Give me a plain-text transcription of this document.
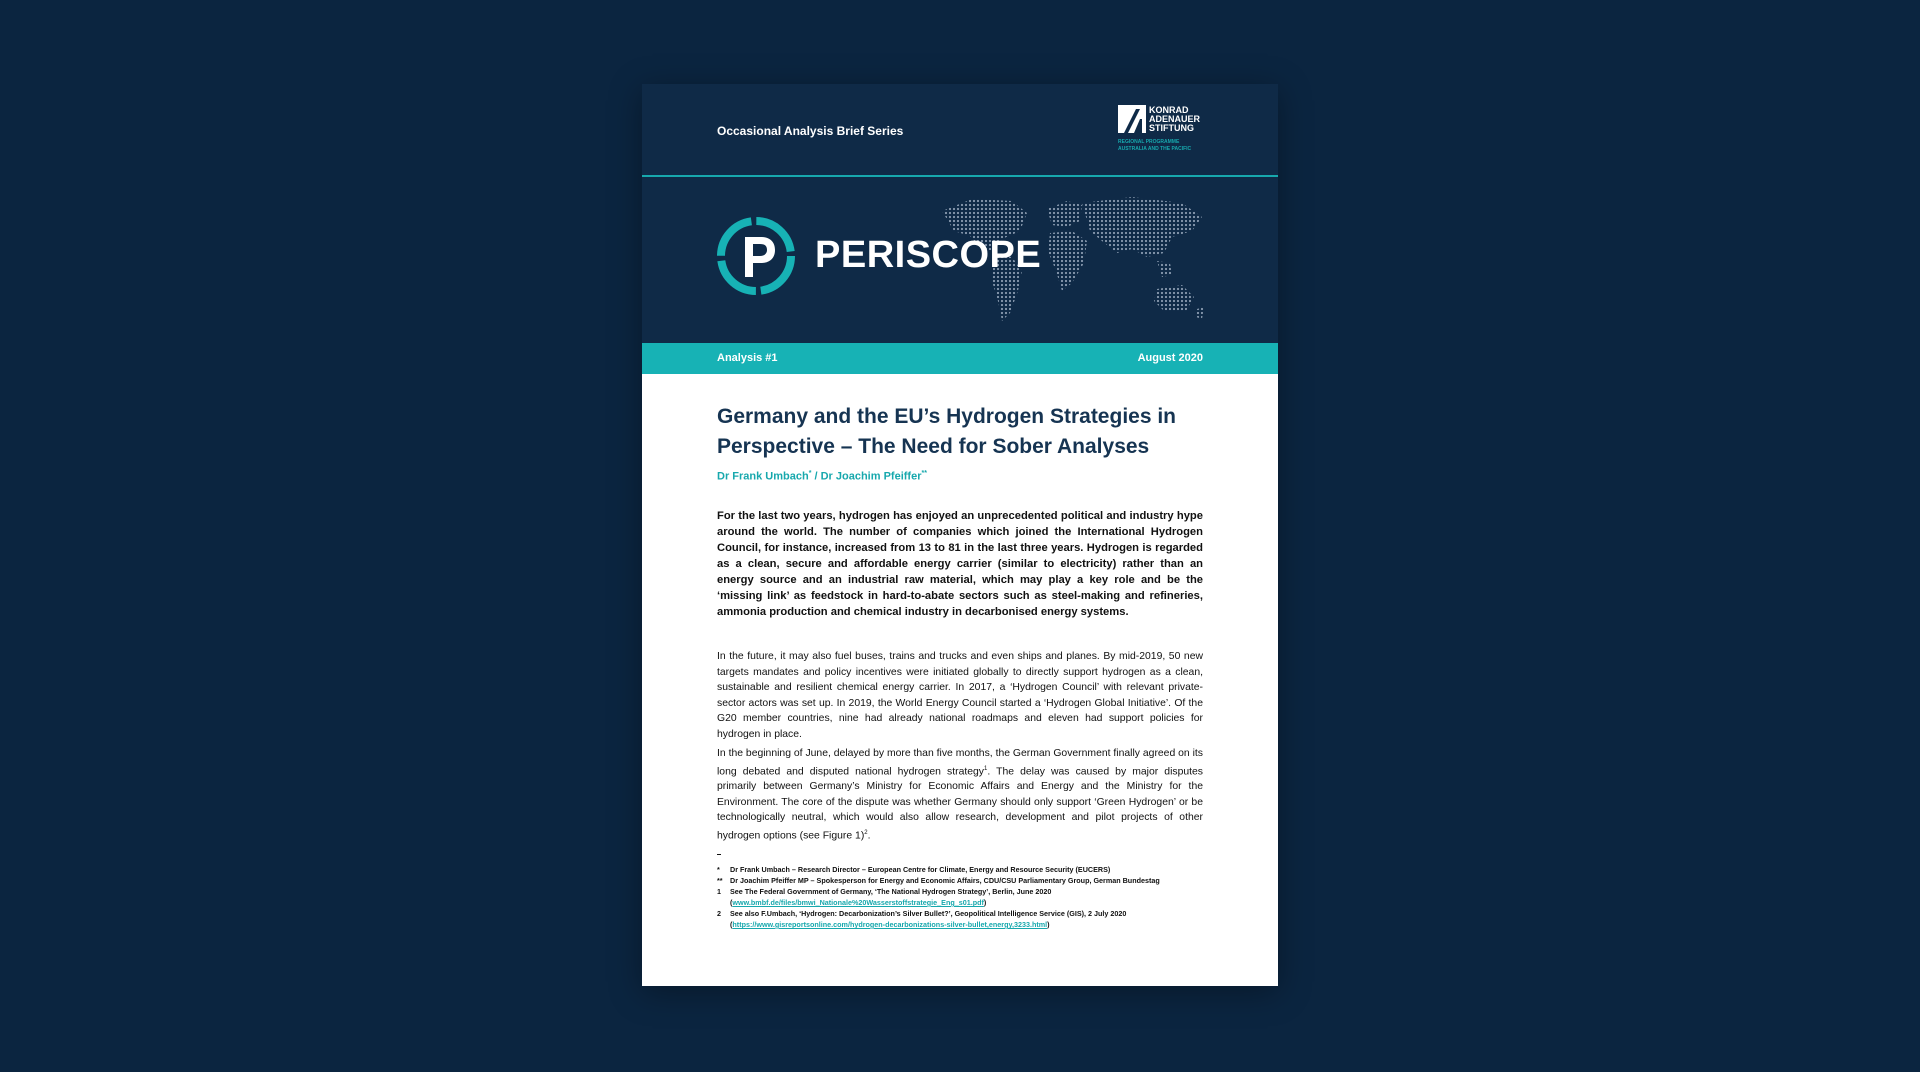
Occasional Analysis Brief Series
KONRAD
ADENAUER
STIFTUNG
REGIONAL PROGRAMME
AUSTRALIA AND THE PACIFIC
PERISCOPE
Analysis #1	August 2020
Germany and the EU’s Hydrogen Strategies in Perspective – The Need for Sober Analyses
Dr Frank Umbach* / Dr Joachim Pfeiffer**
For the last two years, hydrogen has enjoyed an unprecedented political and industry hype around the world. The number of companies which joined the International Hydrogen Council, for instance, increased from 13 to 81 in the last three years. Hydrogen is regarded as a clean, secure and affordable energy carrier (similar to electricity) rather than an energy source and an industrial raw material, which may play a key role and be the ‘missing link’ as feedstock in hard-to-abate sectors such as steel-making and refineries, ammonia production and chemical industry in decarbonised energy systems.
In the future, it may also fuel buses, trains and trucks and even ships and planes. By mid-2019, 50 new targets mandates and policy incentives were initiated globally to directly support hydrogen as a clean, sustainable and resilient chemical energy carrier. In 2017, a ‘Hydrogen Council’ with relevant private-sector actors was set up. In 2019, the World Energy Council started a ‘Hydrogen Global Initiative’. Of the G20 member countries, nine had already national roadmaps and eleven had support policies for hydrogen in place.
In the beginning of June, delayed by more than five months, the German Government finally agreed on its long debated and disputed national hydrogen strategy$^1$. The delay was caused by major disputes primarily between Germany’s Ministry for Economic Affairs and Energy and the Ministry for the Environment. The core of the dispute was whether Germany should only support ‘Green Hydrogen’ or be technologically neutral, which would also allow research, development and pilot projects of other hydrogen options (see Figure 1)$^2$.
* Dr Frank Umbach – Research Director – European Centre for Climate, Energy and Resource Security (EUCERS)
** Dr Joachim Pfeiffer MP – Spokesperson for Energy and Economic Affairs, CDU/CSU Parliamentary Group, German Bundestag
1 See The Federal Government of Germany, ‘The National Hydrogen Strategy’, Berlin, June 2020 (www.bmbf.de/files/bmwi_Nationale%20Wasserstoffstrategie_Eng_s01.pdf)
2 See also F.Umbach, ‘Hydrogen: Decarbonization’s Silver Bullet?’, Geopolitical Intelligence Service (GIS), 2 July 2020 (https://www.gisreportsonline.com/hydrogen-decarbonizations-silver-bullet,energy,3233.html)
